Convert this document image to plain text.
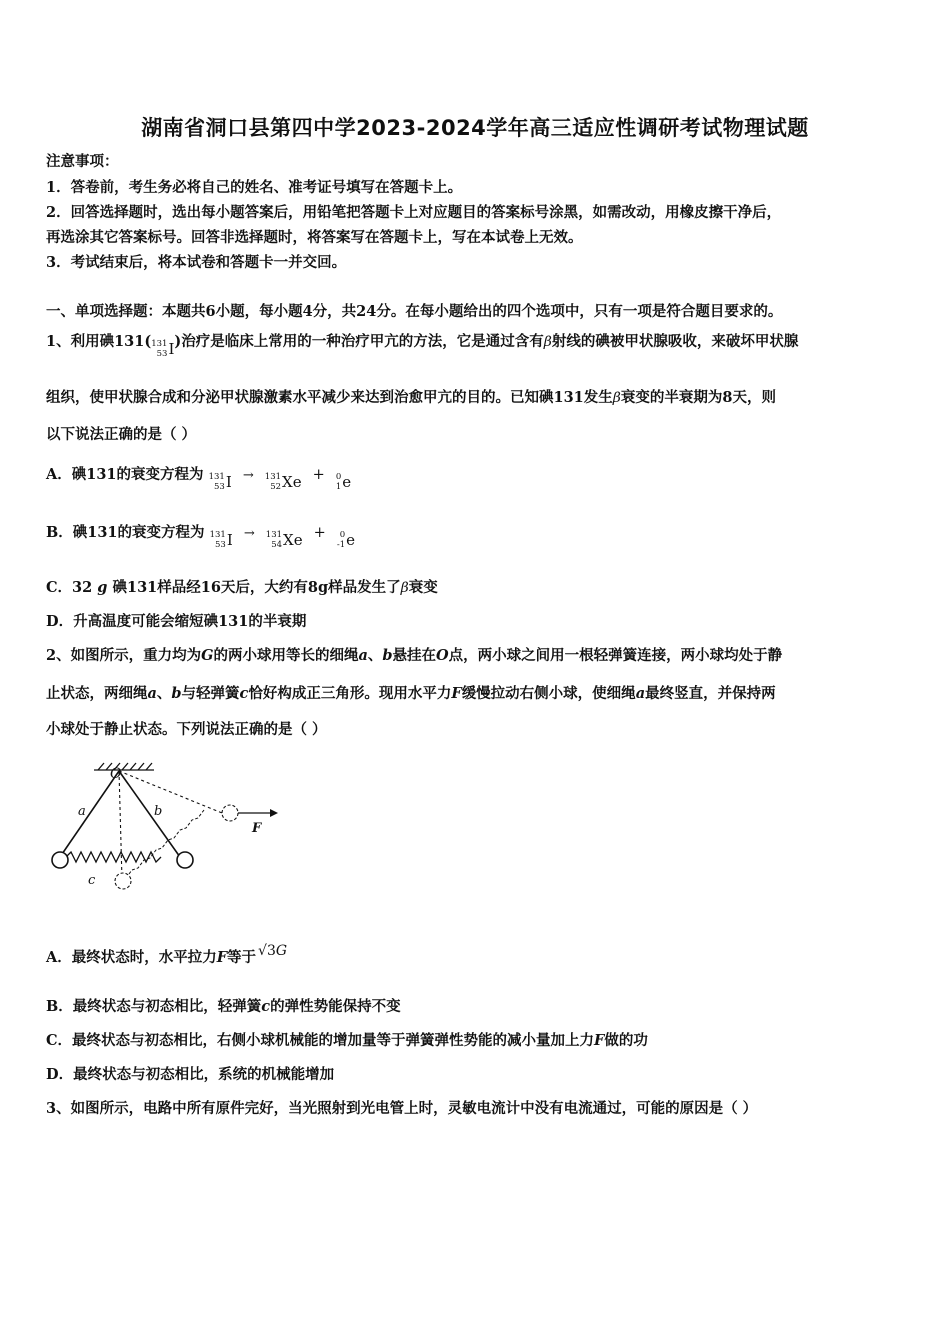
湖南省洞口县第四中学2023-2024学年高三适应性调研考试物理试题
注意事项：
1．答卷前，考生务必将自己的姓名、准考证号填写在答题卡上。
2．回答选择题时，选出每小题答案后，用铅笔把答题卡上对应题目的答案标号涂黑，如需改动，用橡皮擦干净后，
再选涂其它答案标号。回答非选择题时，将答案写在答题卡上，写在本试卷上无效。
3．考试结束后，将本试卷和答题卡一并交回。
一、单项选择题：本题共6小题，每小题4分，共24分。在每小题给出的四个选项中，只有一项是符合题目要求的。
1、利用碘131( 131
53 I )治疗是临床上常用的一种治疗甲亢的方法，它是通过含有β射线的碘被甲状腺吸收，来破坏甲状腺
组织，使甲状腺合成和分泌甲状腺激素水平减少来达到治愈甲亢的目的。已知碘131发生β衰变的半衰期为8天，则
以下说法正确的是（ ）
A．碘131的衰变方程为 131
53 I → 131
52 Xe + 0
1 e
B．碘131的衰变方程为 131
53 I → 131
54 Xe +	0
-1 e
C．32 g 碘131样品经16天后，大约有8g样品发生了β衰变
D．升高温度可能会缩短碘131的半衰期
2、如图所示，重力均为G的两小球用等长的细绳a、b悬挂在O点，两小球之间用一根轻弹簧连接，两小球均处于静
止状态，两细绳a、b与轻弹簧c恰好构成正三角形。现用水平力F缓慢拉动右侧小球，使细绳a最终竖直，并保持两
小球处于静止状态。下列说法正确的是（ ）
O
a	b
c
F
A．最终状态时，水平拉力F等于 √3G
B．最终状态与初态相比，轻弹簧c的弹性势能保持不变
C．最终状态与初态相比，右侧小球机械能的增加量等于弹簧弹性势能的减小量加上力F做的功
D．最终状态与初态相比，系统的机械能增加
3、如图所示，电路中所有原件完好，当光照射到光电管上时，灵敏电流计中没有电流通过，可能的原因是（ ）
